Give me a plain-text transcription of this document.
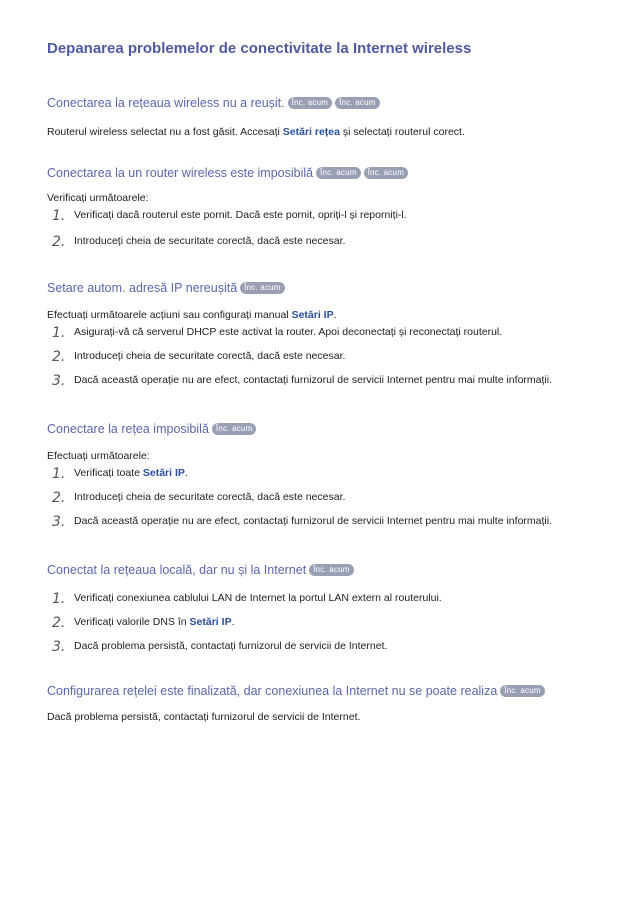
Depanarea problemelor de conectivitate la Internet wireless
Conectarea la rețeaua wireless nu a reușit. Înc. acum	Înc. acum

Routerul wireless selectat nu a fost găsit. Accesați Setări rețea și selectați routerul corect.

Conectarea la un router wireless este imposibilă Înc. acum	Înc. acum

Verificați următoarele:

1. Verificați dacă routerul este pornit. Dacă este pornit, opriți-l și reporniți-l.
2. Introduceți cheia de securitate corectă, dacă este necesar.
Setare autom. adresă IP nereușită Înc. acum

Efectuați următoarele acțiuni sau configurați manual Setări IP.

1. Asigurați-vă că serverul DHCP este activat la router. Apoi deconectați și reconectați routerul.
2. Introduceți cheia de securitate corectă, dacă este necesar.
3. Dacă această operație nu are efect, contactați furnizorul de servicii Internet pentru mai multe informații.
Conectare la rețea imposibilă Înc. acum

Efectuați următoarele:

1. Verificați toate Setări IP.
2. Introduceți cheia de securitate corectă, dacă este necesar.
3. Dacă această operație nu are efect, contactați furnizorul de servicii Internet pentru mai multe informații.
Conectat la rețeaua locală, dar nu și la Internet Înc. acum
1. Verificați conexiunea cablului LAN de Internet la portul LAN extern al routerului.
2. Verificați valorile DNS în Setări IP.
3. Dacă problema persistă, contactați furnizorul de servicii de Internet.
Configurarea rețelei este finalizată, dar conexiunea la Internet nu se poate realiza Înc. acum

Dacă problema persistă, contactați furnizorul de servicii de Internet.
